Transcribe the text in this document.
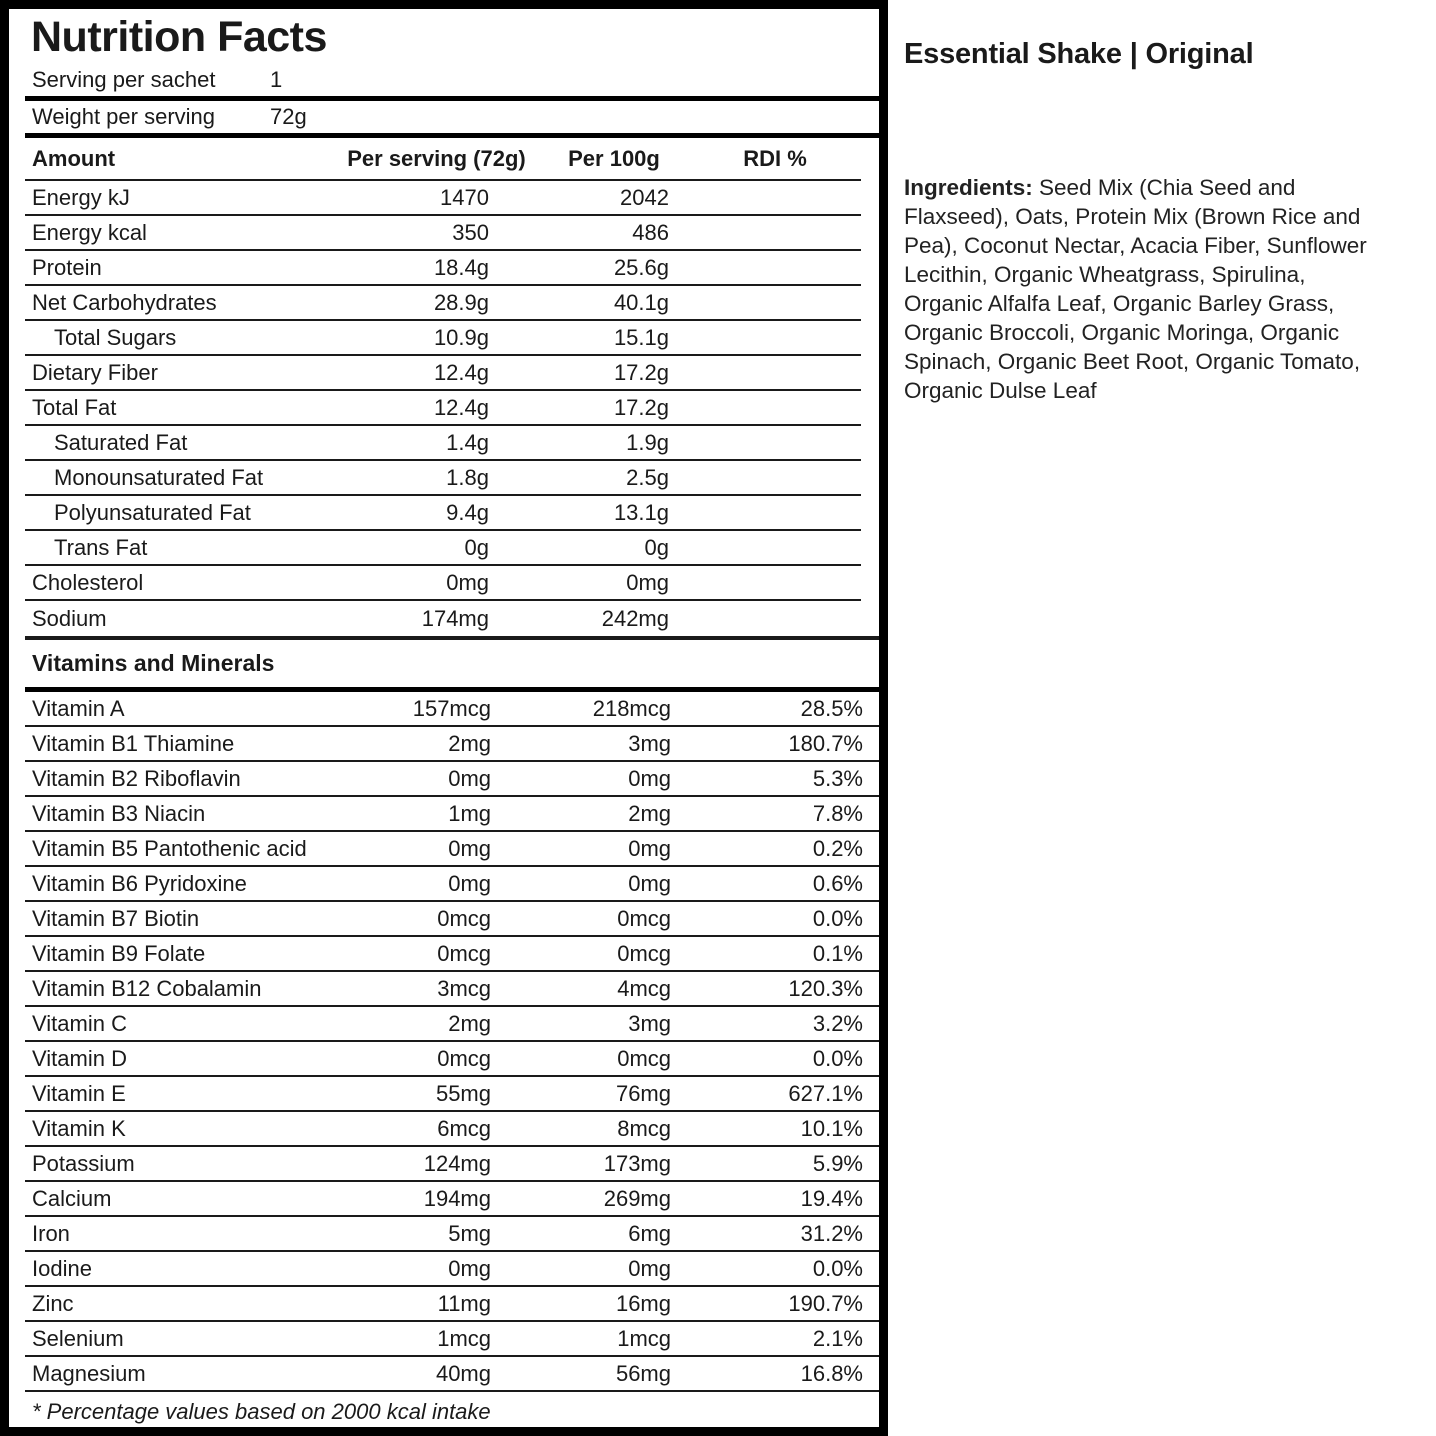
Nutrition Facts
Serving per sachet	1
Weight per serving	72g
Amount	Per serving (72g)	Per 100g	RDI %
Energy kJ	1470	2042
Energy kcal	350	486
Protein	18.4g	25.6g
Net Carbohydrates	28.9g	40.1g
Total Sugars	10.9g	15.1g
Dietary Fiber	12.4g	17.2g
Total Fat	12.4g	17.2g
Saturated Fat	1.4g	1.9g
Monounsaturated Fat	1.8g	2.5g
Polyunsaturated Fat	9.4g	13.1g
Trans Fat	0g	0g
Cholesterol	0mg	0mg
Sodium	174mg	242mg
Vitamins and Minerals
Vitamin A	157mcg	218mcg	28.5%
Vitamin B1 Thiamine	2mg	3mg	180.7%
Vitamin B2 Riboflavin	0mg	0mg	5.3%
Vitamin B3 Niacin	1mg	2mg	7.8%
Vitamin B5 Pantothenic acid	0mg	0mg	0.2%
Vitamin B6 Pyridoxine	0mg	0mg	0.6%
Vitamin B7 Biotin	0mcg	0mcg	0.0%
Vitamin B9 Folate	0mcg	0mcg	0.1%
Vitamin B12 Cobalamin	3mcg	4mcg	120.3%
Vitamin C	2mg	3mg	3.2%
Vitamin D	0mcg	0mcg	0.0%
Vitamin E	55mg	76mg	627.1%
Vitamin K	6mcg	8mcg	10.1%
Potassium	124mg	173mg	5.9%
Calcium	194mg	269mg	19.4%
Iron	5mg	6mg	31.2%
Iodine	0mg	0mg	0.0%
Zinc	11mg	16mg	190.7%
Selenium	1mcg	1mcg	2.1%
Magnesium	40mg	56mg	16.8%
* Percentage values based on 2000 kcal intake
Essential Shake | Original

Ingredients: Seed Mix (Chia Seed and Flaxseed), Oats, Protein Mix (Brown Rice and Pea), Coconut Nectar, Acacia Fiber, Sunflower Lecithin, Organic Wheatgrass, Spirulina, Organic Alfalfa Leaf, Organic Barley Grass, Organic Broccoli, Organic Moringa, Organic Spinach, Organic Beet Root, Organic Tomato, Organic Dulse Leaf
